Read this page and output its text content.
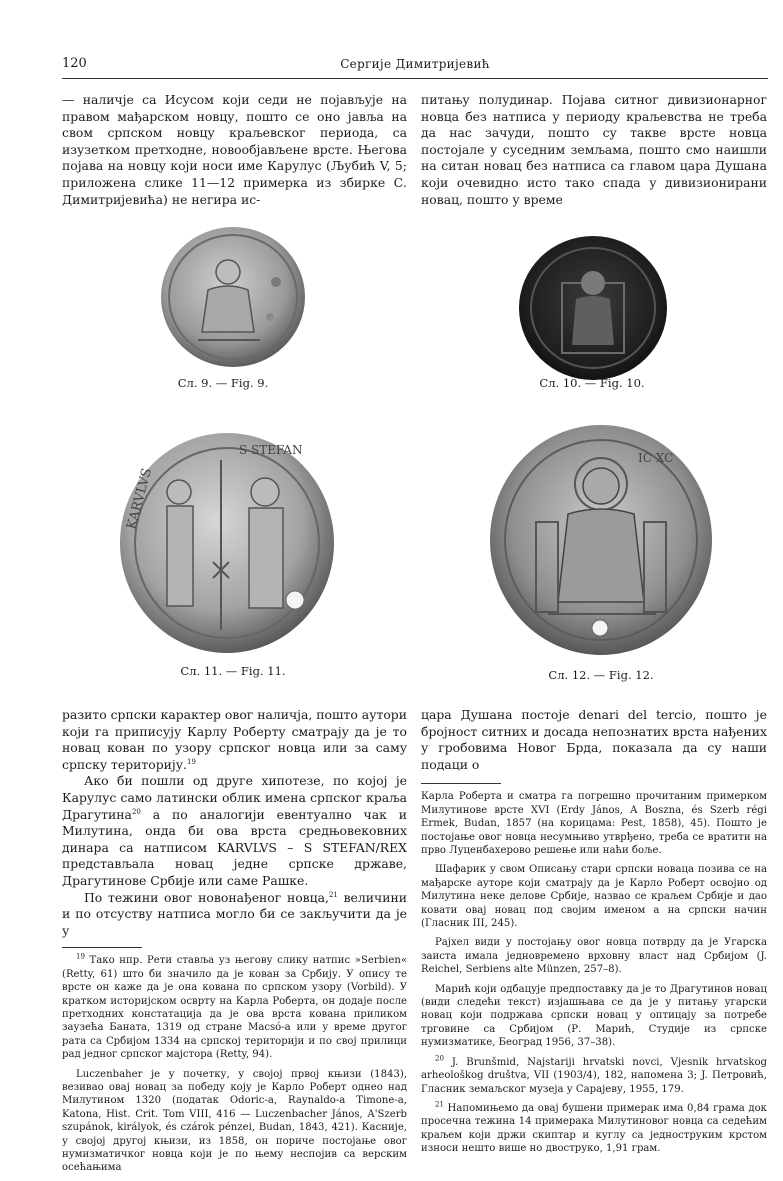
120	Сергије Димитријевић

— наличје са Исусом који седи не појављује на правом мађарском новцу, пошто се оно јавља на свом српском новцу краљевског периода, са изузетком претходне, новообјављене врсте. Његова појава на новцу који носи име Карулус (Љубић V, 5; приложена слике 11—12 примерка из збирке С. Димитријевића) не негира ис-

питању полудинар. Појава ситног дивизионарног новца без натписа у периоду краљевства не треба да нас зачуди, пошто су такве врсте новца постојале у суседним земљама, пошто смо наишли на ситан новац без натписа са главом цара Душана који очевидно исто тако спада у дивизионирани новац, пошто у време

Сл. 9. — Fig. 9.	Сл. 10. — Fig. 10.
KARVLVS
S STEFAN
Сл. 11. — Fig. 11.
IC XC
Сл. 12. — Fig. 12.

разито српски карактер овог наличја, пошто аутори који га приписују Карлу Роберту сматрају да је то новац кован по узору српског новца или за саму српску територију.$^{19}$

Ако би пошли од друге хипотезе, по којој је Карулус само латински облик имена српског краља Драгутина$^{20}$ а по аналогији евентуално чак и Милутина, онда би ова врста средњовековних динара са натписом KARVLVS – S STEFAN/REX представљала новац једне српске државе, Драгутинове Србије или саме Рашке.

По тежини овог новонађеног новца,$^{21}$ величини и по отсуству натписа могло би се закључити да је у

$^{19}$ Тако нпр. Рети ставља уз његову слику натпис »Serbien« (Retty, 61) што би значило да је кован за Србију. У опису те врсте он каже да је она кована по српском узору (Vorbild). У кратком историјском осврту на Карла Роберта, он додаје после претходних констатација да је ова врста кована приликом заузећа Баната, 1319 од стране Macsó-а или у време другог рата са Србијом 1334 на српској територији и по свој прилици рад једног српског мајстора (Retty, 94).

Luczenbaher је у почетку, у својој првој књизи (1843), везивао овај новац за победу коју је Карло Роберт однео над Милутином 1320 (податак Odoric-а, Raynaldo-а Timone-а, Katona, Hist. Crit. Tom VIII, 416 — Luczenbacher János, A'Szerb szupánok, királyok, és czárok pénzei, Budan, 1843, 421). Касније, у својој другој књизи, из 1858, он пориче постојање овог нумизматичког новца који је по њему неспојив са верским осећањима

цара Душана постоје denari del tercio, пошто је бројност ситних и досада непознатих врста нађених у гробовима Новог Брда, показала да су наши подаци о

Карла Роберта и сматра га погрешно прочитаним примерком Милутинове врсте XVI (Erdy János, A Boszna, és Szerb régi Ermek, Budan, 1857 (на корицама: Pest, 1858), 45). Пошто је постојање овог новца несумњиво утврђено, треба се вратити на прво Луценбахерово решење или наћи боље.

Шафарик у свом Описању стари српски новаца позива се на мађарске ауторе који сматрају да је Карло Роберт освојио од Милутина неке делове Србије, назвао се краљем Србије и дао ковати овај новац под својим именом а на српски начин (Гласник III, 245).

Рајхел види у постојању овог новца потврду да је Угарска заиста имала једновремено врховну власт над Србијом (J. Reichel, Serbiens alte Münzen, 257–8).

Марић који одбацује предпоставку да је то Драгутинов новац (види следећи текст) изјашњава се да је у питању угарски новац који подржава српски новац у оптицају за потребе трговине са Србијом (Р. Марић, Студије из српске нумизматике, Београд 1956, 37–38).

$^{20}$ J. Brunšmid, Najstariji hrvatski novci, Vjesnik hrvatskog arheološkog društva, VII (1903/4), 182, напомена 3; J. Петровић, Гласник земаљског музеја у Сарајеву, 1955, 179.

$^{21}$ Напомињемо да овај бушени примерак има 0,84 грама док просечна тежина 14 примерака Милутиновог новца са седећим краљем који држи скиптар и куглу са једноструким крстом износи нешто више но двоструко, 1,91 грам.
